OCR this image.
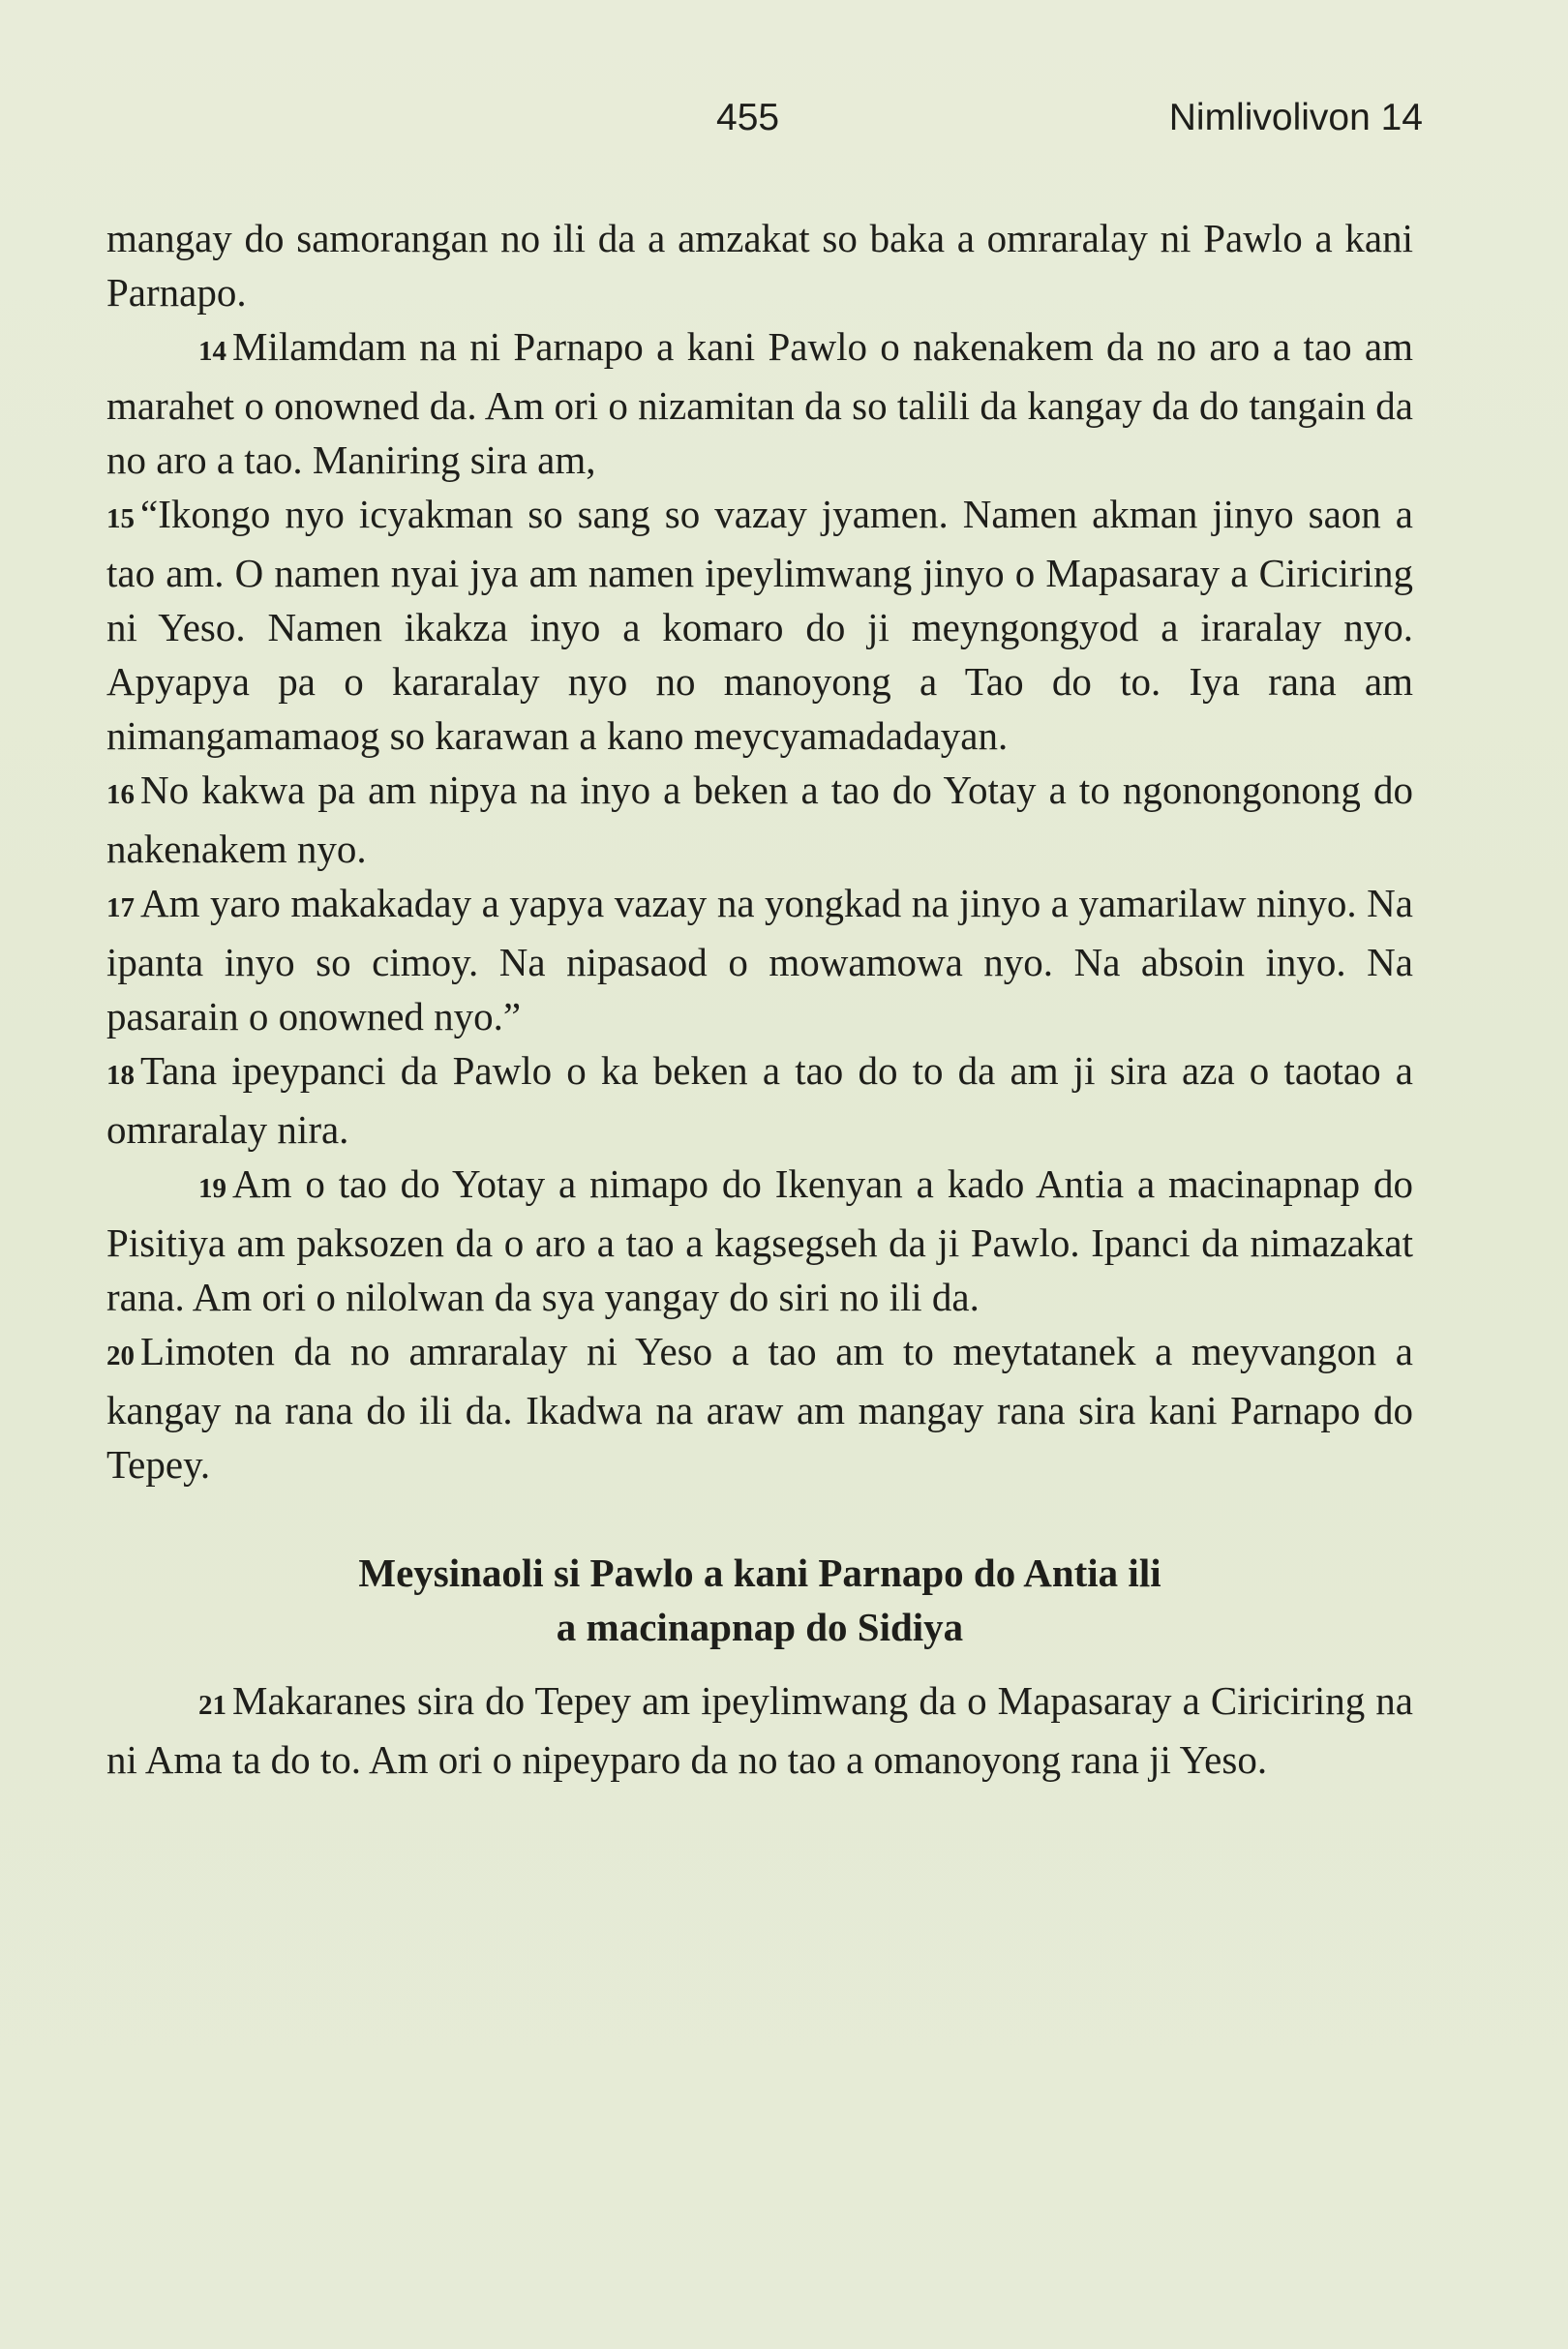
455	Nimlivolivon 14

mangay do samorangan no ili da a amzakat so baka a omraralay ni Pawlo a kani Parnapo.

14 Milamdam na ni Parnapo a kani Pawlo o nakenakem da no aro a tao am marahet o onowned da. Am ori o nizamitan da so talili da kangay da do tangain da no aro a tao. Maniring sira am,

15 “Ikongo nyo icyakman so sang so vazay jyamen. Namen akman jinyo saon a tao am. O namen nyai jya am namen ipeylimwang jinyo o Mapasaray a Ciriciring ni Yeso. Namen ikakza inyo a komaro do ji meyngongyod a iraralay nyo. Apyapya pa o kararalay nyo no manoyong a Tao do to. Iya rana am nimangamamaog so karawan a kano meycyamadadayan.

16 No kakwa pa am nipya na inyo a beken a tao do Yotay a to ngonongonong do nakenakem nyo.

17 Am yaro makakaday a yapya vazay na yongkad na jinyo a yamarilaw ninyo. Na ipanta inyo so cimoy. Na nipasaod o mowamowa nyo. Na absoin inyo. Na pasarain o onowned nyo.”

18 Tana ipeypanci da Pawlo o ka beken a tao do to da am ji sira aza o taotao a omraralay nira.

19 Am o tao do Yotay a nimapo do Ikenyan a kado Antia a macinapnap do Pisitiya am paksozen da o aro a tao a kagsegseh da ji Pawlo. Ipanci da nimazakat rana. Am ori o nilolwan da sya yangay do siri no ili da.

20 Limoten da no amraralay ni Yeso a tao am to meytatanek a meyvangon a kangay na rana do ili da. Ikadwa na araw am mangay rana sira kani Parnapo do Tepey.

Meysinaoli si Pawlo a kani Parnapo do Antia ili
a macinapnap do Sidiya

21 Makaranes sira do Tepey am ipeylimwang da o Mapasaray a Ciriciring na ni Ama ta do to. Am ori o nipeyparo da no tao a omanoyong rana ji Yeso.
